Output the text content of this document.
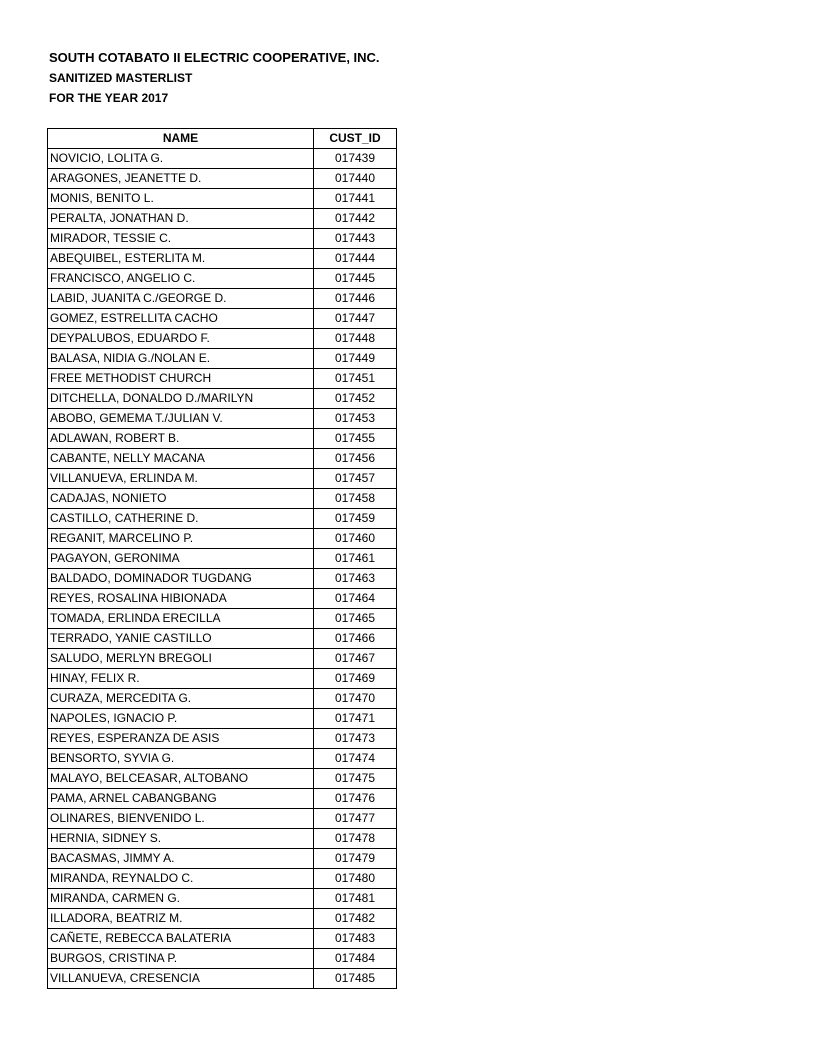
SOUTH COTABATO II ELECTRIC COOPERATIVE, INC.
SANITIZED MASTERLIST
FOR THE YEAR 2017
NAME	CUST_ID
NOVICIO, LOLITA G.	017439
ARAGONES, JEANETTE D.	017440
MONIS, BENITO L.	017441
PERALTA, JONATHAN D.	017442
MIRADOR, TESSIE C.	017443
ABEQUIBEL, ESTERLITA M.	017444
FRANCISCO, ANGELIO C.	017445
LABID, JUANITA C./GEORGE D.	017446
GOMEZ, ESTRELLITA CACHO	017447
DEYPALUBOS, EDUARDO F.	017448
BALASA, NIDIA G./NOLAN E.	017449
FREE METHODIST CHURCH	017451
DITCHELLA, DONALDO D./MARILYN	017452
ABOBO, GEMEMA T./JULIAN V.	017453
ADLAWAN, ROBERT B.	017455
CABANTE, NELLY MACANA	017456
VILLANUEVA, ERLINDA M.	017457
CADAJAS, NONIETO	017458
CASTILLO, CATHERINE D.	017459
REGANIT, MARCELINO P.	017460
PAGAYON, GERONIMA	017461
BALDADO, DOMINADOR TUGDANG	017463
REYES, ROSALINA HIBIONADA	017464
TOMADA, ERLINDA ERECILLA	017465
TERRADO, YANIE CASTILLO	017466
SALUDO, MERLYN BREGOLI	017467
HINAY, FELIX R.	017469
CURAZA, MERCEDITA G.	017470
NAPOLES, IGNACIO P.	017471
REYES, ESPERANZA DE ASIS	017473
BENSORTO, SYVIA G.	017474
MALAYO, BELCEASAR, ALTOBANO	017475
PAMA, ARNEL CABANGBANG	017476
OLINARES, BIENVENIDO L.	017477
HERNIA, SIDNEY S.	017478
BACASMAS, JIMMY A.	017479
MIRANDA, REYNALDO C.	017480
MIRANDA, CARMEN G.	017481
ILLADORA, BEATRIZ M.	017482
CAÑETE, REBECCA BALATERIA	017483
BURGOS, CRISTINA P.	017484
VILLANUEVA, CRESENCIA	017485
